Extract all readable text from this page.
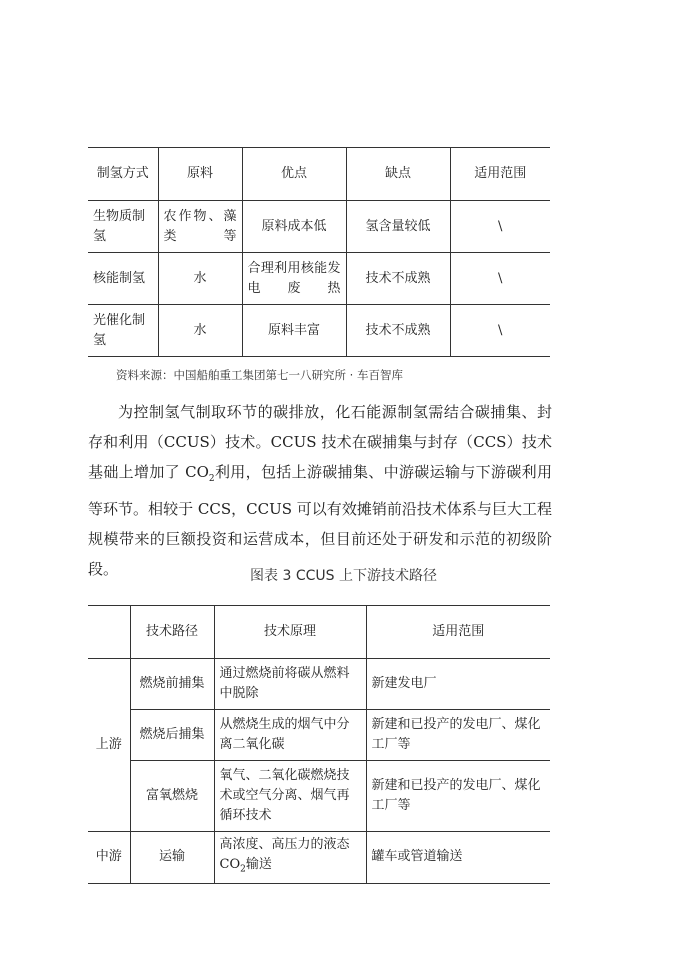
制氢方式	原料	优点	缺点	适用范围
生物质制氢	农作物、藻类等	原料成本低	氢含量较低	\
核能制氢	水	合理利用核能发电废热	技术不成熟	\
光催化制氢	水	原料丰富	技术不成熟	\
资料来源：中国船舶重工集团第七一八研究所 · 车百智库

为控制氢气制取环节的碳排放，化石能源制氢需结合碳捕集、封存和利用（CCUS）技术。CCUS 技术在碳捕集与封存（CCS）技术基础上增加了 $CO_2$利用，包括上游碳捕集、中游碳运输与下游碳利用等环节。相较于 CCS，CCUS 可以有效摊销前沿技术体系与巨大工程规模带来的巨额投资和运营成本，但目前还处于研发和示范的初级阶段。	图表 3 CCUS 上下游技术路径
	技术路径	技术原理	适用范围
上游	燃烧前捕集	通过燃烧前将碳从燃料中脱除	新建发电厂
	燃烧后捕集	从燃烧生成的烟气中分离二氧化碳	新建和已投产的发电厂、煤化工厂等
	富氧燃烧	氧气、二氧化碳燃烧技术或空气分离、烟气再循环技术	新建和已投产的发电厂、煤化工厂等
中游	运输	高浓度、高压力的液态 $CO_2$输送	罐车或管道输送
